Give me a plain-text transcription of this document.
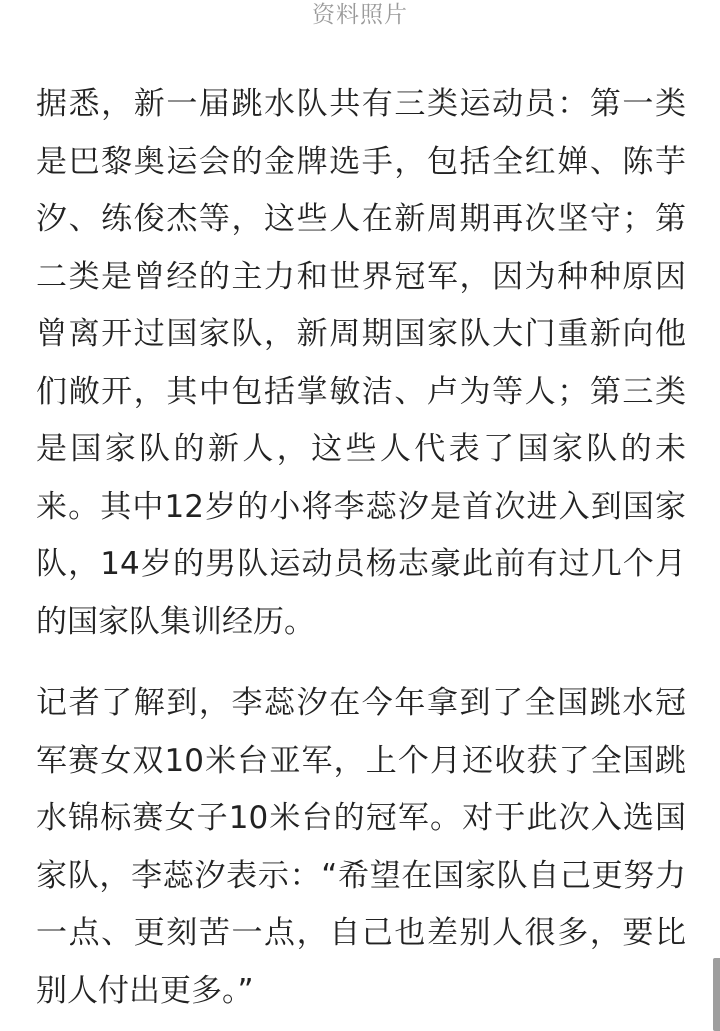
资料照片

据悉，新一届跳水队共有三类运动员：第一类是巴黎奥运会的金牌选手，包括全红婵、陈芋汐、练俊杰等，这些人在新周期再次坚守；第二类是曾经的主力和世界冠军，因为种种原因曾离开过国家队，新周期国家队大门重新向他们敞开，其中包括掌敏洁、卢为等人；第三类是国家队的新人，这些人代表了国家队的未来。其中12岁的小将李蕊汐是首次进入到国家队，14岁的男队运动员杨志豪此前有过几个月的国家队集训经历。

记者了解到，李蕊汐在今年拿到了全国跳水冠军赛女双10米台亚军，上个月还收获了全国跳水锦标赛女子10米台的冠军。对于此次入选国家队，李蕊汐表示：“希望在国家队自己更努力一点、更刻苦一点，自己也差别人很多，要比别人付出更多。”
